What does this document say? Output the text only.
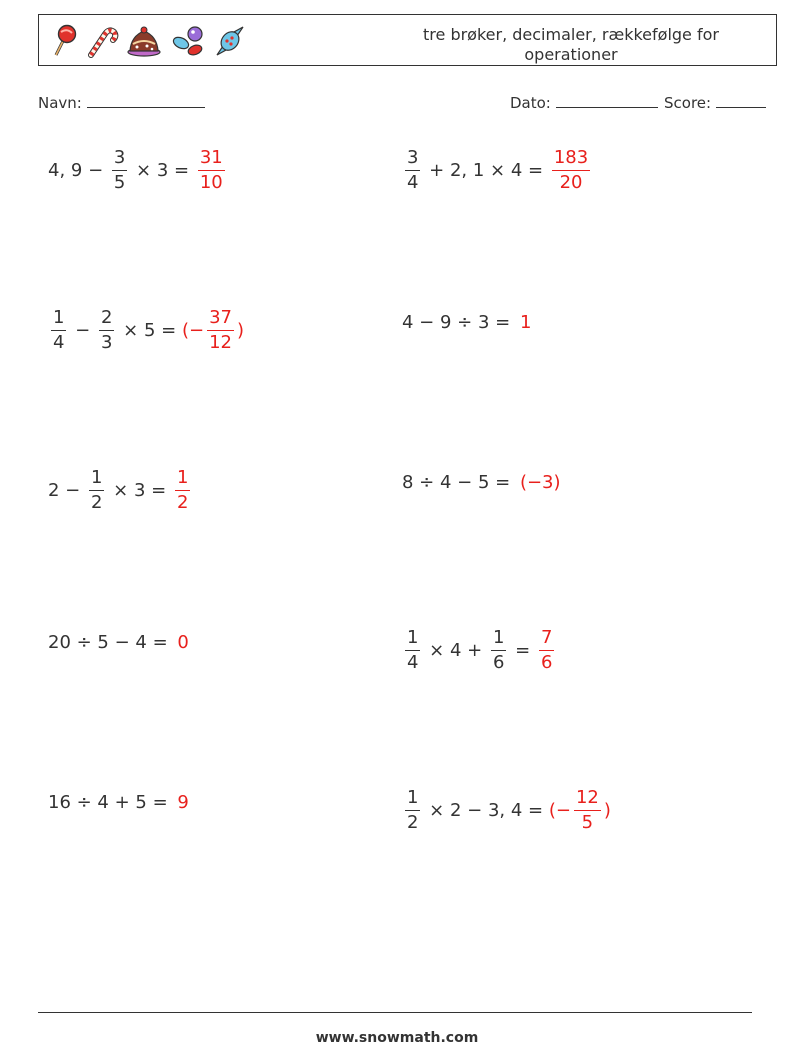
tre brøker, decimaler, rækkefølge for operationer
Navn:	Dato:	Score:
4, $9 - \frac{3}{5} \times 3 = \frac{31}{10}$	$\frac{3}{4} + 2$, $1 \times 4 = \frac{183}{20}$
$\frac{1}{4} - \frac{2}{3} \times 5$ = (− $\frac{37}{12}$ )	4 − 9 ÷ 3 = 1
$2 - \frac{1}{2} \times 3 = \frac{1}{2}$	8 ÷ 4 − 5 = (−3)
20 ÷ 5 − 4 = 0	$\frac{1}{4} \times 4 + \frac{1}{6} = \frac{7}{6}$
16 ÷ 4 + 5 = 9	$\frac{1}{2} \times 2 - 3$, 4 = (− $\frac{12}{5}$ )
www.snowmath.com
